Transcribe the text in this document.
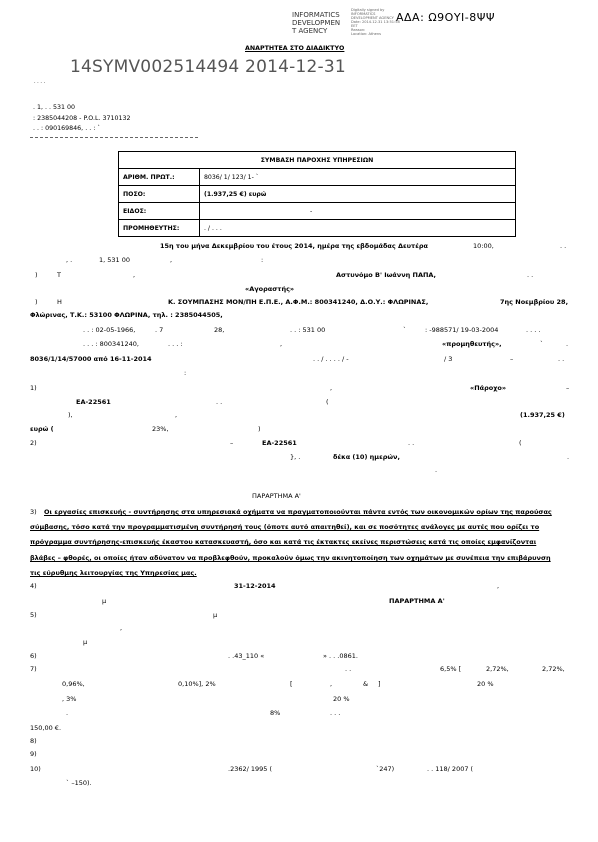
INFORMATICS
DEVELOPMEN
T AGENCY
Digitally signed by
INFORMATICS
DEVELOPMENT AGENCY
Date: 2014.12.31 13:51:58
EET
Reason:
Location: Athens
ΑΔΑ: Ω9ΟΥΙ-8ΨΨ
ΑΝΑΡΤΗΤΕΑ ΣΤΟ ΔΙΑΔΙΚΤΥΟ
14SYMV002514494 2014-12-31
. . . .
. 1, . . 531 00
: 2385044208 - P.O.L. 3710132
. . : 090169846, . . : `
ΣΥΜΒΑΣΗ ΠΑΡΟΧΗΣ ΥΠΗΡΕΣΙΩΝ	
ΑΡΙΘΜ. ΠΡΩΤ.:	8036/ 1/ 123/ 1- `
ΠΟΣΟ:	(1.937,25 €) ευρώ
ΕΙΔΟΣ:	-
ΠΡΟΜΗΘΕΥΤΗΣ:	. / . . .
15η του μήνα Δεκεμβρίου του έτους 2014, ημέρα της εβδομάδας Δευτέρα	10:00,	. .
, .	1, 531 00	,	:
)	Τ	,	Αστυνόμο Β' Ιωάννη ΠΑΠΑ,	. .
«Αγοραστής»
)	Η	Κ. ΣΟΥΜΠΑΣΗΣ ΜΟΝ/ΠΗ Ε.Π.Ε., Α.Φ.Μ.: 800341240, Δ.Ο.Υ.: ΦΛΩΡΙΝΑΣ,	7ης Νοεμβρίου 28,
Φλώρινας, Τ.Κ.: 53100 ΦΛΩΡΙΝΑ, τηλ. : 2385044505,
. . : 02-05-1966,	. 7	28,	. . : 531 00	`	: -988571/ 19-03-2004	. . . .
. . . : 800341240,	. . . :	,	«προμηθευτής»,	`	.
8036/1/14/57000 από 16-11-2014	. . / . . . . / -	/ 3	–	. .
:
1)	,	«Πάροχο»	–
ΕΑ-22561	. .	(
),	,	(1.937,25 €)
ευρώ (	23%,	)
2)	–	ΕΑ-22561	. .	(
}, .	δέκα (10) ημερών,	.
.
ΠΑΡΑΡΤΗΜΑ Α'
3) Οι εργασίες επισκευής - συντήρησης στα υπηρεσιακά οχήματα να πραγματοποιούνται πάντα εντός των οικονομικών ορίων της παρούσας
σύμβασης, τόσο κατά την προγραμματισμένη συντήρησή τους (όποτε αυτό απαιτηθεί), και σε ποσότητες ανάλογες με αυτές που ορίζει το
πρόγραμμα συντήρησης-επισκευής έκαστου κατασκευαστή, όσο και κατά τις έκτακτες εκείνες περιστώσεις κατά τις οποίες εμφανίζονται
βλάβες – φθορές, οι οποίες ήταν αδύνατον να προβλεφθούν, προκαλούν όμως την ακινητοποίηση των οχημάτων με συνέπεια την επιβάρυνση
τις εύρυθμης λειτουργίας της Υπηρεσίας μας.
4)	31-12-2014	,
μ	ΠΑΡΑΡΤΗΜΑ Α'
5)	μ
,
μ
6)	. .43_110 «	» . . .0861.
7)	. .	6,5% [	2,72%,	2,72%,
0,96%,	0,10%], 2%	[	,	& ]	20 %
, 3%	20 %
.	8%	. . .
150,00 €.
8)
9)
10)	.2362/ 1995 (	`247)	. . 118/ 2007 (
` –150).
